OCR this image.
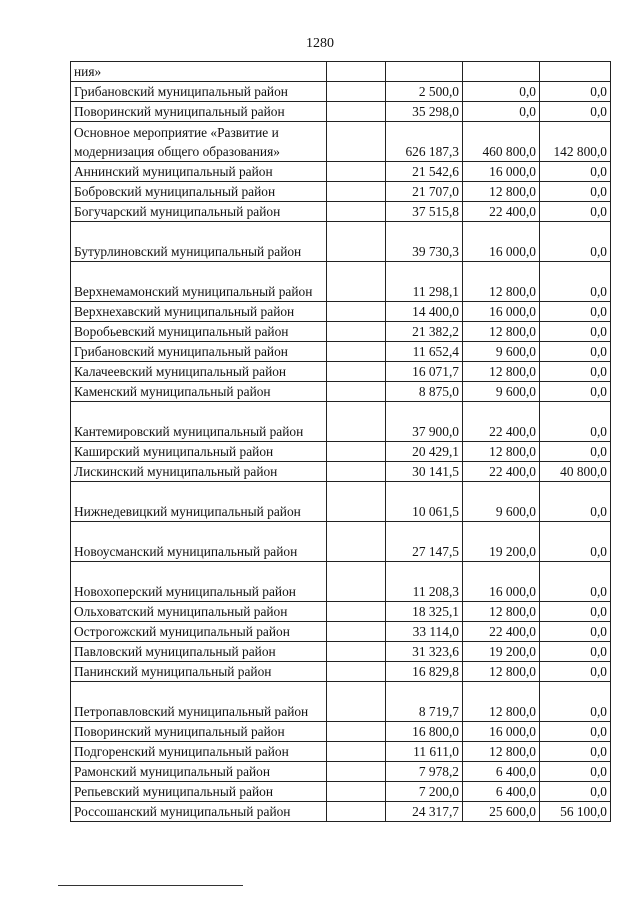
1280
ния»				
Грибановский муниципальный район		2 500,0	0,0	0,0
Поворинский муниципальный район		35 298,0	0,0	0,0
Основное мероприятие «Развитие и модернизация общего образования»		626 187,3	460 800,0	142 800,0
Аннинский муниципальный район		21 542,6	16 000,0	0,0
Бобровский муниципальный район		21 707,0	12 800,0	0,0
Богучарский муниципальный район		37 515,8	22 400,0	0,0
Бутурлиновский муниципальный район		39 730,3	16 000,0	0,0
Верхнемамонский муниципальный район		11 298,1	12 800,0	0,0
Верхнехавский муниципальный район		14 400,0	16 000,0	0,0
Воробьевский муниципальный район		21 382,2	12 800,0	0,0
Грибановский муниципальный район		11 652,4	9 600,0	0,0
Калачеевский муниципальный район		16 071,7	12 800,0	0,0
Каменский муниципальный район		8 875,0	9 600,0	0,0
Кантемировский муниципальный район		37 900,0	22 400,0	0,0
Каширский муниципальный район		20 429,1	12 800,0	0,0
Лискинский муниципальный район		30 141,5	22 400,0	40 800,0
Нижнедевицкий муниципальный район		10 061,5	9 600,0	0,0
Новоусманский муниципальный район		27 147,5	19 200,0	0,0
Новохоперский муниципальный район		11 208,3	16 000,0	0,0
Ольховатский муниципальный район		18 325,1	12 800,0	0,0
Острогожский муниципальный район		33 114,0	22 400,0	0,0
Павловский муниципальный район		31 323,6	19 200,0	0,0
Панинский муниципальный район		16 829,8	12 800,0	0,0
Петропавловский муниципальный район		8 719,7	12 800,0	0,0
Поворинский муниципальный район		16 800,0	16 000,0	0,0
Подгоренский муниципальный район		11 611,0	12 800,0	0,0
Рамонский муниципальный район		7 978,2	6 400,0	0,0
Репьевский муниципальный район		7 200,0	6 400,0	0,0
Россошанский муниципальный район		24 317,7	25 600,0	56 100,0
